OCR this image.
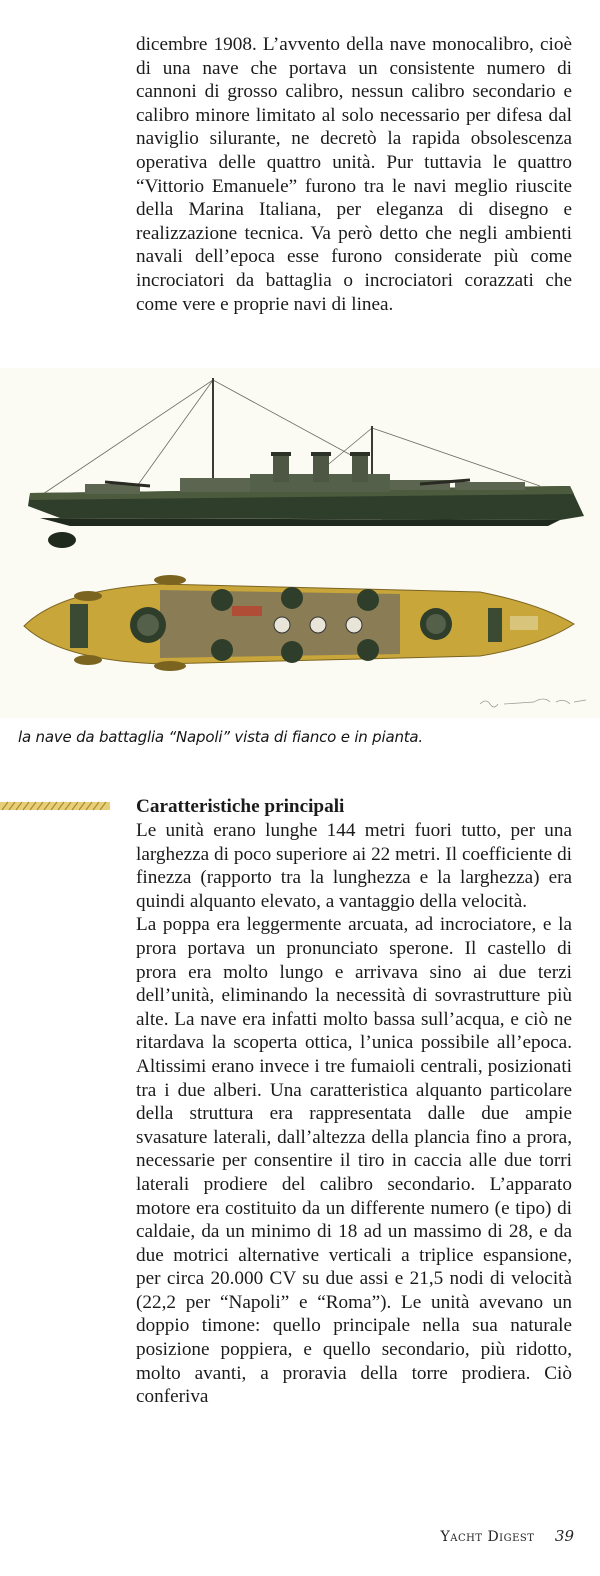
dicembre 1908. L’avvento della nave monocalibro, cioè di una nave che portava un consistente numero di cannoni di grosso calibro, nessun calibro secondario e calibro minore limitato al solo necessario per difesa dal naviglio silurante, ne decretò la rapida obsolescenza operativa delle quattro unità. Pur tuttavia le quattro “Vittorio Emanuele” furono tra le navi meglio riuscite della Marina Italiana, per eleganza di disegno e realizzazione tecnica. Va però detto che negli ambienti navali dell’epoca esse furono considerate più come incrociatori da battaglia o incrociatori corazzati che come vere e proprie navi di linea.
la nave da battaglia “Napoli” vista di fianco e in pianta.
Caratteristiche principali
Le unità erano lunghe 144 metri fuori tutto, per una larghezza di poco superiore ai 22 metri. Il coefficiente di finezza (rapporto tra la lunghezza e la larghezza) era quindi alquanto elevato, a vantaggio della velocità.
La poppa era leggermente arcuata, ad incrociatore, e la prora portava un pronunciato sperone. Il castello di prora era molto lungo e arrivava sino ai due terzi dell’unità, eliminando la necessità di sovrastrutture più alte. La nave era infatti molto bassa sull’acqua, e ciò ne ritardava la scoperta ottica, l’unica possibile all’epoca. Altissimi erano invece i tre fumaioli centrali, posizionati tra i due alberi. Una caratteristica alquanto particolare della struttura era rappresentata dalle due ampie svasature laterali, dall’altezza della plancia fino a prora, necessarie per consentire il tiro in caccia alle due torri laterali prodiere del calibro secondario. L’apparato motore era costituito da un differente numero (e tipo) di caldaie, da un minimo di 18 ad un massimo di 28, e da due motrici alternative verticali a triplice espansione, per circa 20.000 CV su due assi e 21,5 nodi di velocità (22,2 per “Napoli” e “Roma”). Le unità avevano un doppio timone: quello principale nella sua naturale posizione poppiera, e quello secondario, più ridotto, molto avanti, a proravia della torre prodiera. Ciò conferiva
Yacht Digest 39
